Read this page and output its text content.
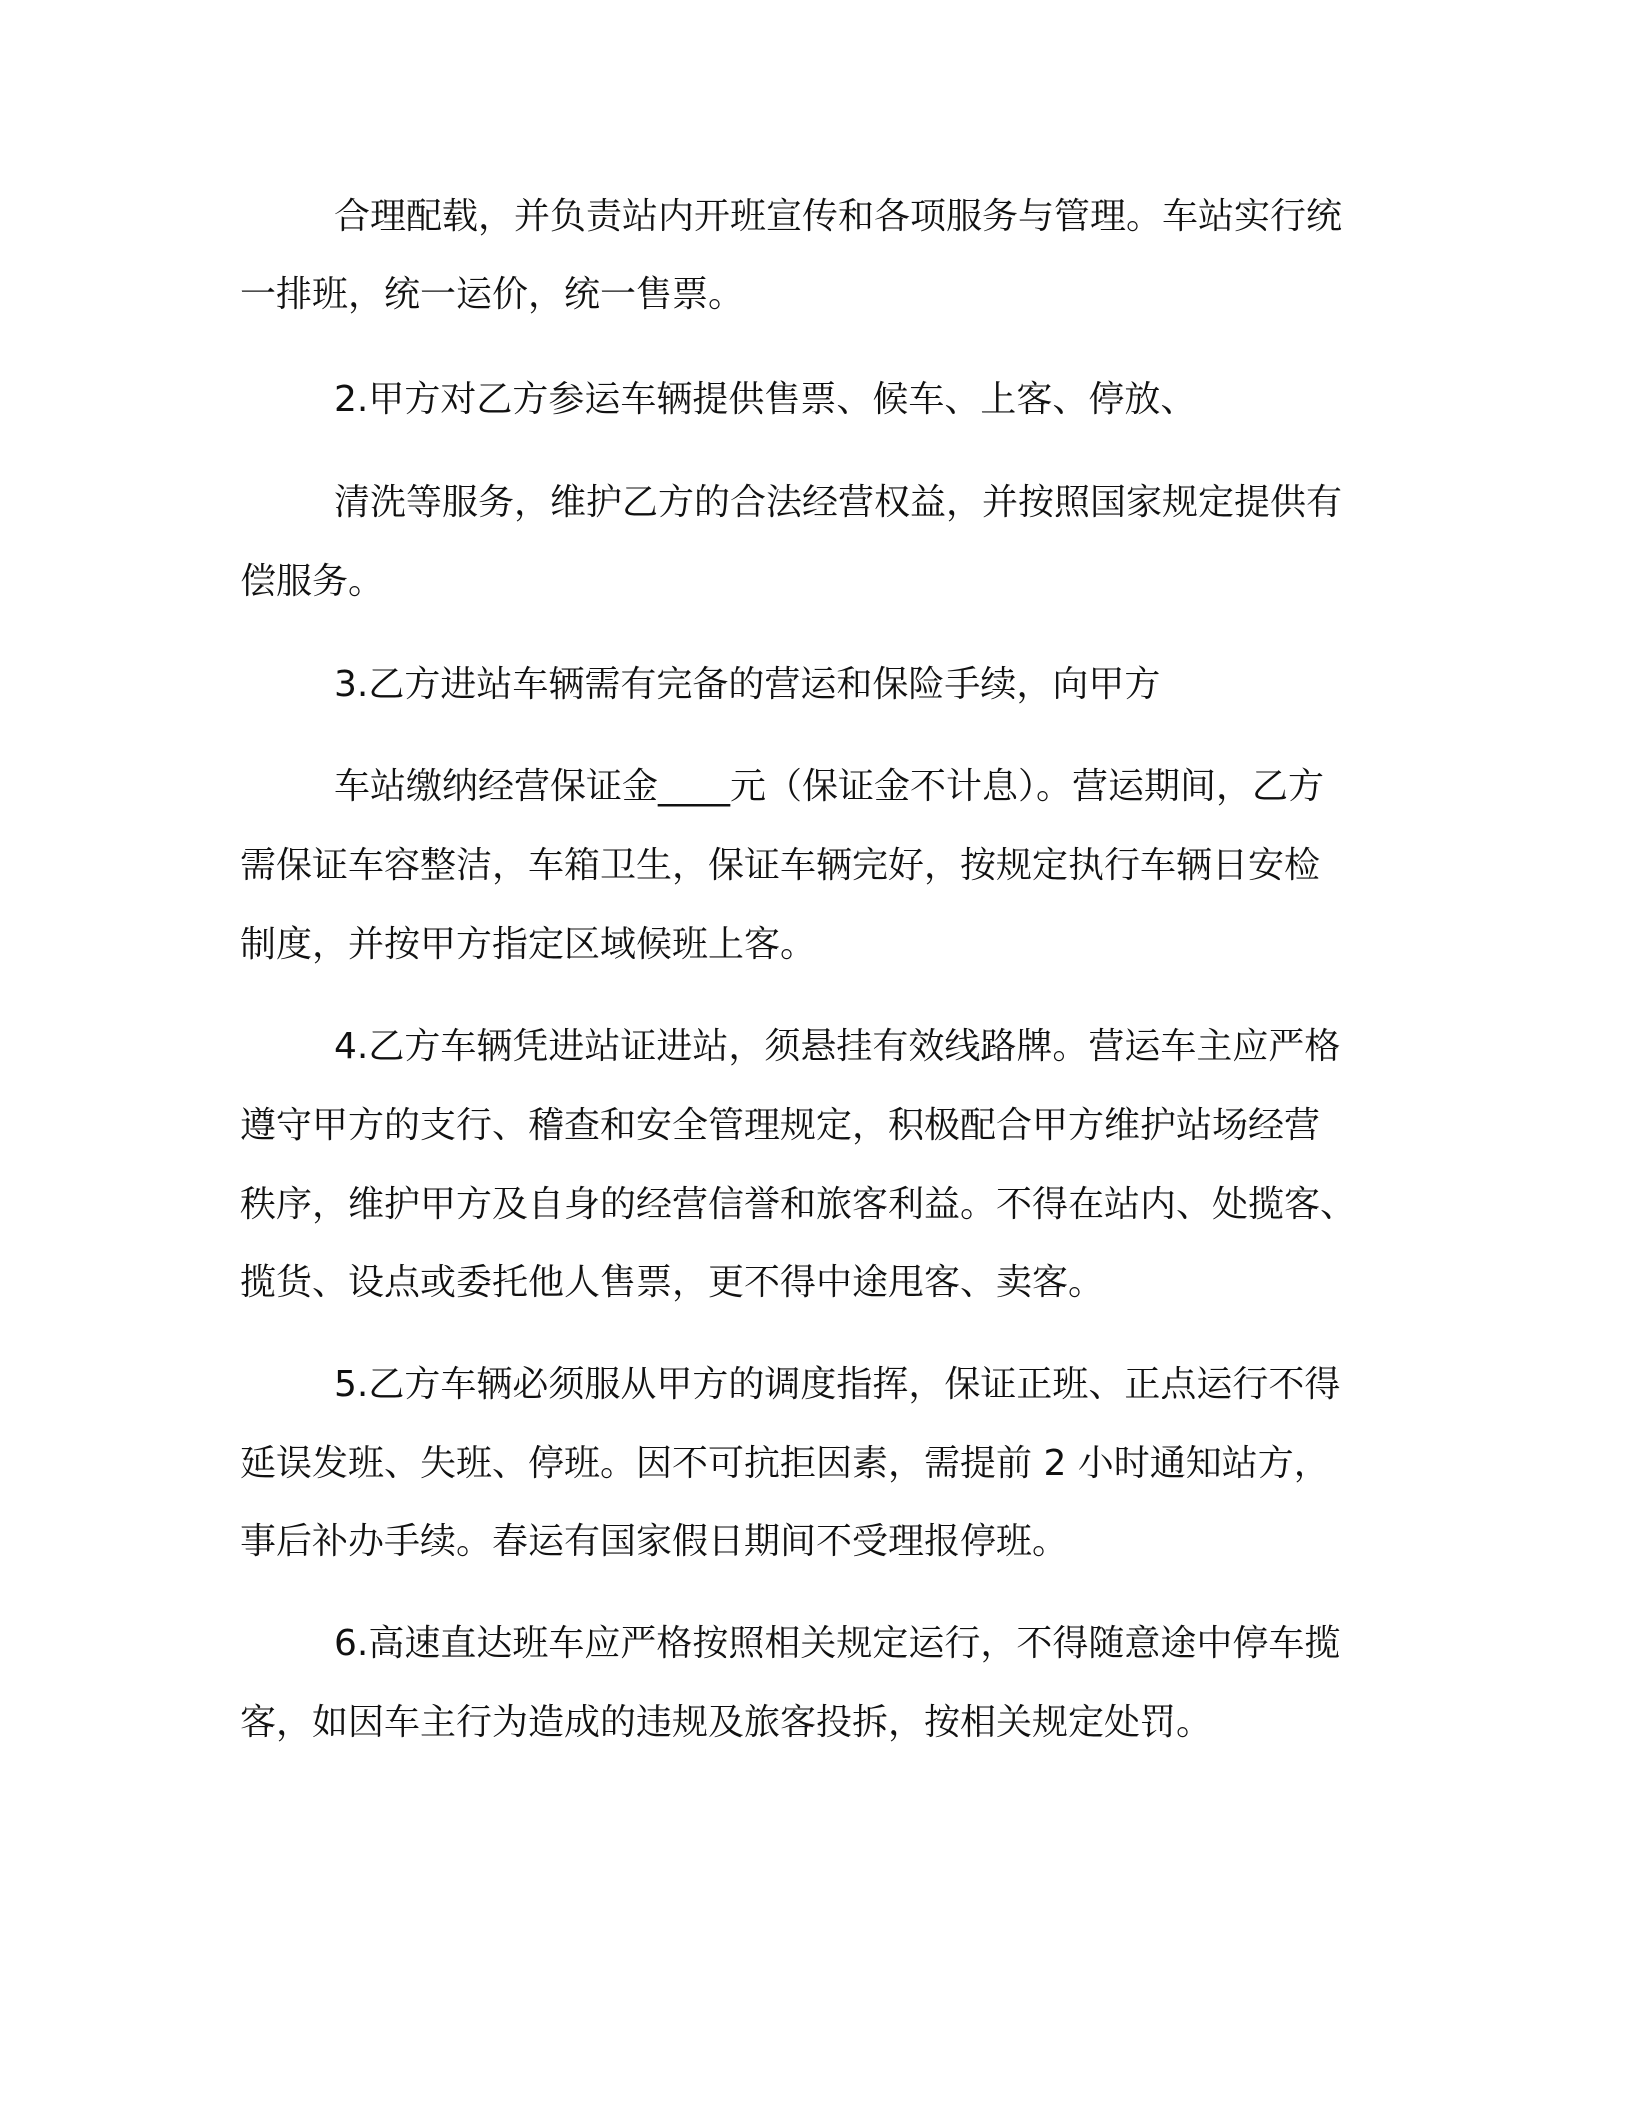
合理配载，并负责站内开班宣传和各项服务与管理。车站实行统
一排班，统一运价，统一售票。
2.甲方对乙方参运车辆提供售票、候车、上客、停放、
清洗等服务，维护乙方的合法经营权益，并按照国家规定提供有
偿服务。
3.乙方进站车辆需有完备的营运和保险手续，向甲方
车站缴纳经营保证金____元（保证金不计息）。营运期间，乙方
需保证车容整洁，车箱卫生，保证车辆完好，按规定执行车辆日安检
制度，并按甲方指定区域候班上客。
4.乙方车辆凭进站证进站，须悬挂有效线路牌。营运车主应严格
遵守甲方的支行、稽查和安全管理规定，积极配合甲方维护站场经营
秩序，维护甲方及自身的经营信誉和旅客利益。不得在站内、处揽客、
揽货、设点或委托他人售票，更不得中途甩客、卖客。
5.乙方车辆必须服从甲方的调度指挥，保证正班、正点运行不得
延误发班、失班、停班。因不可抗拒因素，需提前 2 小时通知站方，
事后补办手续。春运有国家假日期间不受理报停班。
6.高速直达班车应严格按照相关规定运行，不得随意途中停车揽
客，如因车主行为造成的违规及旅客投拆，按相关规定处罚。
